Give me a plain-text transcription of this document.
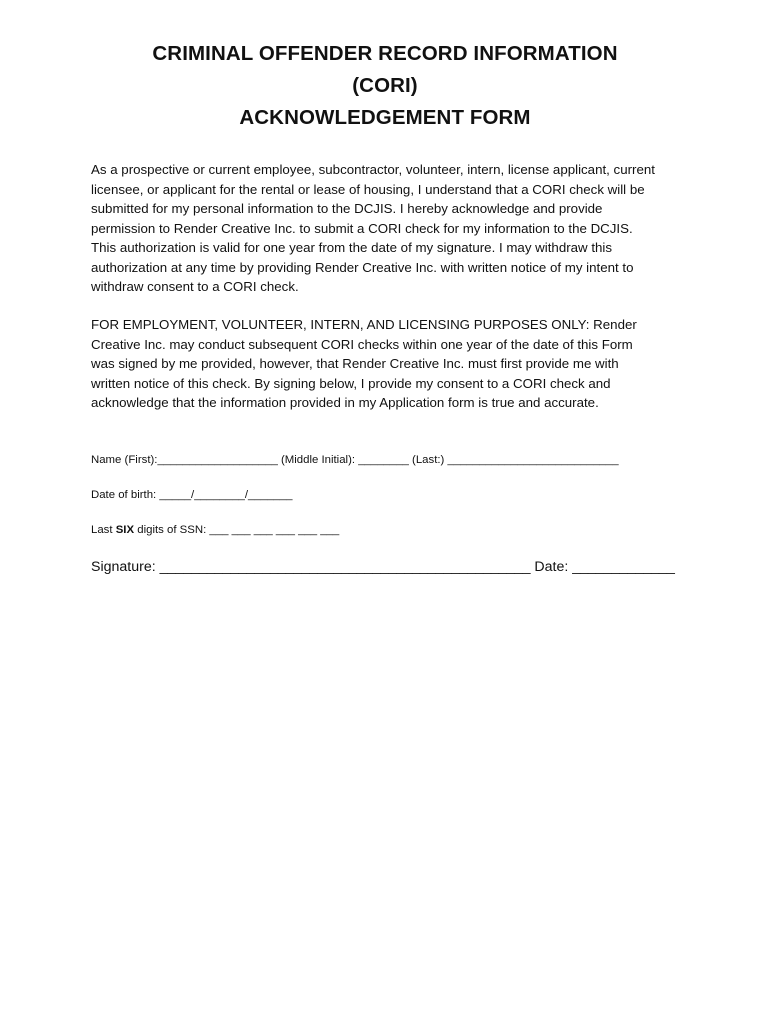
CRIMINAL OFFENDER RECORD INFORMATION
(CORI)
ACKNOWLEDGEMENT FORM
As a prospective or current employee, subcontractor, volunteer, intern, license applicant, current
licensee, or applicant for the rental or lease of housing, I understand that a CORI check will be
submitted for my personal information to the DCJIS. I hereby acknowledge and provide
permission to Render Creative Inc. to submit a CORI check for my information to the DCJIS.
This authorization is valid for one year from the date of my signature. I may withdraw this
authorization at any time by providing Render Creative Inc. with written notice of my intent to
withdraw consent to a CORI check.
FOR EMPLOYMENT, VOLUNTEER, INTERN, AND LICENSING PURPOSES ONLY: Render
Creative Inc. may conduct subsequent CORI checks within one year of the date of this Form
was signed by me provided, however, that Render Creative Inc. must first provide me with
written notice of this check. By signing below, I provide my consent to a CORI check and
acknowledge that the information provided in my Application form is true and accurate.
Name (First):___________________ (Middle Initial): ________ (Last:) ___________________________
Date of birth: _____/________/_______
Last SIX digits of SSN: ___ ___ ___ ___ ___ ___
Signature: _______________________________________________ Date: _____________
